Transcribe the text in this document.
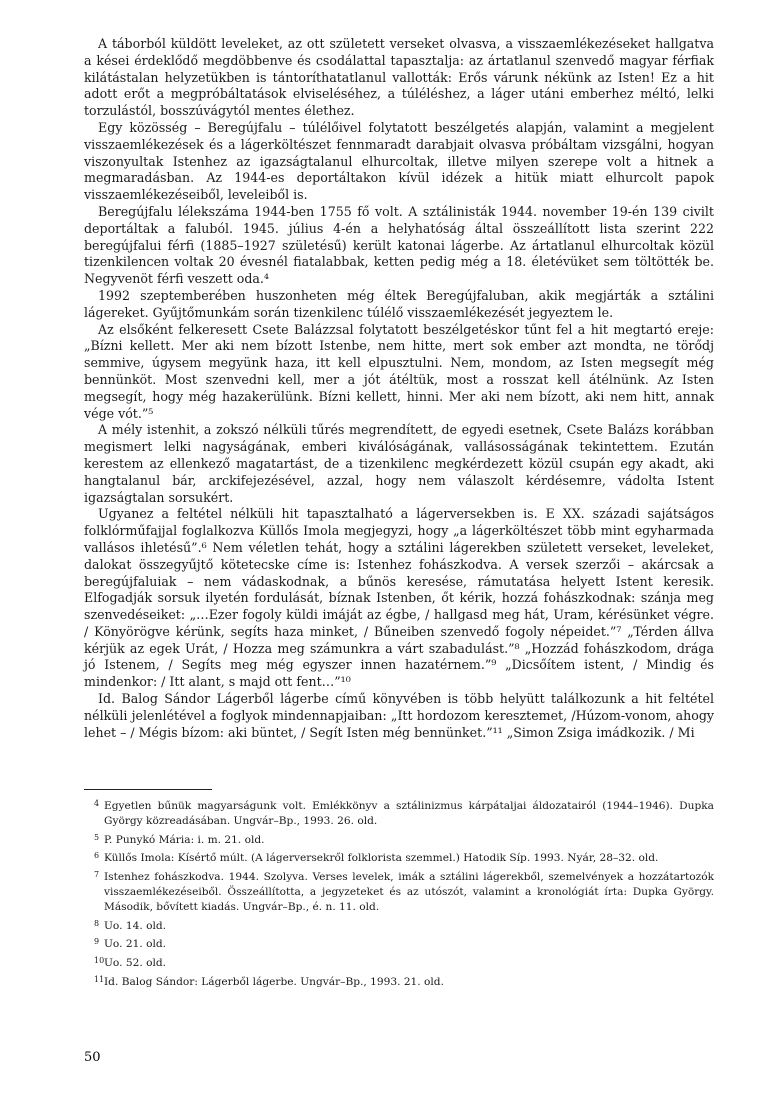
A táborból küldött leveleket, az ott született verseket olvasva, a visszaemlékezéseket hallgatva a kései érdeklődő megdöbbenve és csodálattal tapasztalja: az ártatlanul szenvedő magyar férfiak kilátástalan helyzetükben is tántoríthatatlanul vallották: Erős várunk nékünk az Isten! Ez a hit adott erőt a megpróbáltatások elviseléséhez, a túléléshez, a láger utáni emberhez méltó, lelki torzulástól, bosszúvágytól mentes élethez.

Egy közösség – Beregújfalu – túlélőivel folytatott beszélgetés alapján, valamint a megjelent visszaemlékezések és a lágerköltészet fennmaradt darabjait olvasva próbáltam vizsgálni, hogyan viszonyultak Istenhez az igazságtalanul elhurcoltak, illetve milyen szerepe volt a hitnek a megmaradásban. Az 1944-es deportáltakon kívül idézek a hitük miatt elhurcolt papok visszaemlékezéseiből, leveleiből is.

Beregújfalu lélekszáma 1944-ben 1755 fő volt. A sztálinisták 1944. november 19-én 139 civilt deportáltak a faluból. 1945. július 4-én a helyhatóság által összeállított lista szerint 222 beregújfalui férfi (1885–1927 születésű) került katonai lágerbe. Az ártatlanul elhurcoltak közül tizenkilencen voltak 20 évesnél fiatalabbak, ketten pedig még a 18. életévüket sem töltötték be. Negyvenöt férfi veszett oda.⁴

1992 szeptemberében huszonheten még éltek Beregújfaluban, akik megjárták a sztálini lágereket. Gyűjtőmunkám során tizenkilenc túlélő visszaemlékezését jegyeztem le.

Az elsőként felkeresett Csete Balázzsal folytatott beszélgetéskor tűnt fel a hit megtartó ereje: „Bízni kellett. Mer aki nem bízott Istenbe, nem hitte, mert sok ember azt mondta, ne törődj semmive, úgysem megyünk haza, itt kell elpusztulni. Nem, mondom, az Isten megsegít még bennünköt. Most szenvedni kell, mer a jót átéltük, most a rosszat kell átélnünk. Az Isten megsegít, hogy még hazakerülünk. Bízni kellett, hinni. Mer aki nem bízott, aki nem hitt, annak vége vót.”⁵

A mély istenhit, a zokszó nélküli tűrés megrendített, de egyedi esetnek, Csete Balázs korábban megismert lelki nagyságának, emberi kiválóságának, vallásosságának tekintettem. Ezután kerestem az ellenkező magatartást, de a tizenkilenc megkérdezett közül csupán egy akadt, aki hangtalanul bár, arckifejezésével, azzal, hogy nem válaszolt kérdésemre, vádolta Istent igazságtalan sorsukért.

Ugyanez a feltétel nélküli hit tapasztalható a lágerversekben is. E XX. századi sajátságos folklórműfajjal foglalkozva Küllős Imola megjegyzi, hogy „a lágerköltészet több mint egyharmada vallásos ihletésű”.⁶ Nem véletlen tehát, hogy a sztálini lágerekben született verseket, leveleket, dalokat összegyűjtő kötetecske címe is: Istenhez fohászkodva. A versek szerzői – akárcsak a beregújfaluiak – nem vádaskodnak, a bűnös keresése, rámutatása helyett Istent keresik. Elfogadják sorsuk ilyetén fordulását, bíznak Istenben, őt kérik, hozzá fohászkodnak: szánja meg szenvedéseiket: „…Ezer fogoly küldi imáját az égbe, / hallgasd meg hát, Uram, kérésünket végre. / Könyörögve kérünk, segíts haza minket, / Bűneiben szenvedő fogoly népeidet.”⁷ „Térden állva kérjük az egek Urát, / Hozza meg számunkra a várt szabadulást.”⁸ „Hozzád fohászkodom, drága jó Istenem, / Segíts meg még egyszer innen hazatérnem.”⁹ „Dicsőítem istent, / Mindig és mindenkor: / Itt alant, s majd ott fent…”¹⁰

Id. Balog Sándor Lágerből lágerbe című könyvében is több helyütt találkozunk a hit feltétel nélküli jelenlétével a foglyok mindennapjaiban: „Itt hordozom keresztemet, /Húzom-vonom, ahogy lehet – / Mégis bízom: aki büntet, / Segít Isten még bennünket.”¹¹ „Simon Zsiga imádkozik. / Mi

4 Egyetlen bűnük magyarságunk volt. Emlékkönyv a sztálinizmus kárpátaljai áldozatairól (1944–1946). Dupka György közreadásában. Ungvár–Bp., 1993. 26. old.
5 P. Punykó Mária: i. m. 21. old.
6 Küllős Imola: Kísértő múlt. (A lágerversekről folklorista szemmel.) Hatodik Síp. 1993. Nyár, 28–32. old.
7 Istenhez fohászkodva. 1944. Szolyva. Verses levelek, imák a sztálini lágerekből, szemelvények a hozzátartozók visszaemlékezéseiből. Összeállította, a jegyzeteket és az utószót, valamint a kronológiát írta: Dupka György. Második, bővített kiadás. Ungvár–Bp., é. n. 11. old.
8 Uo. 14. old.
9 Uo. 21. old.
10 Uo. 52. old.
11 Id. Balog Sándor: Lágerből lágerbe. Ungvár–Bp., 1993. 21. old.
50
